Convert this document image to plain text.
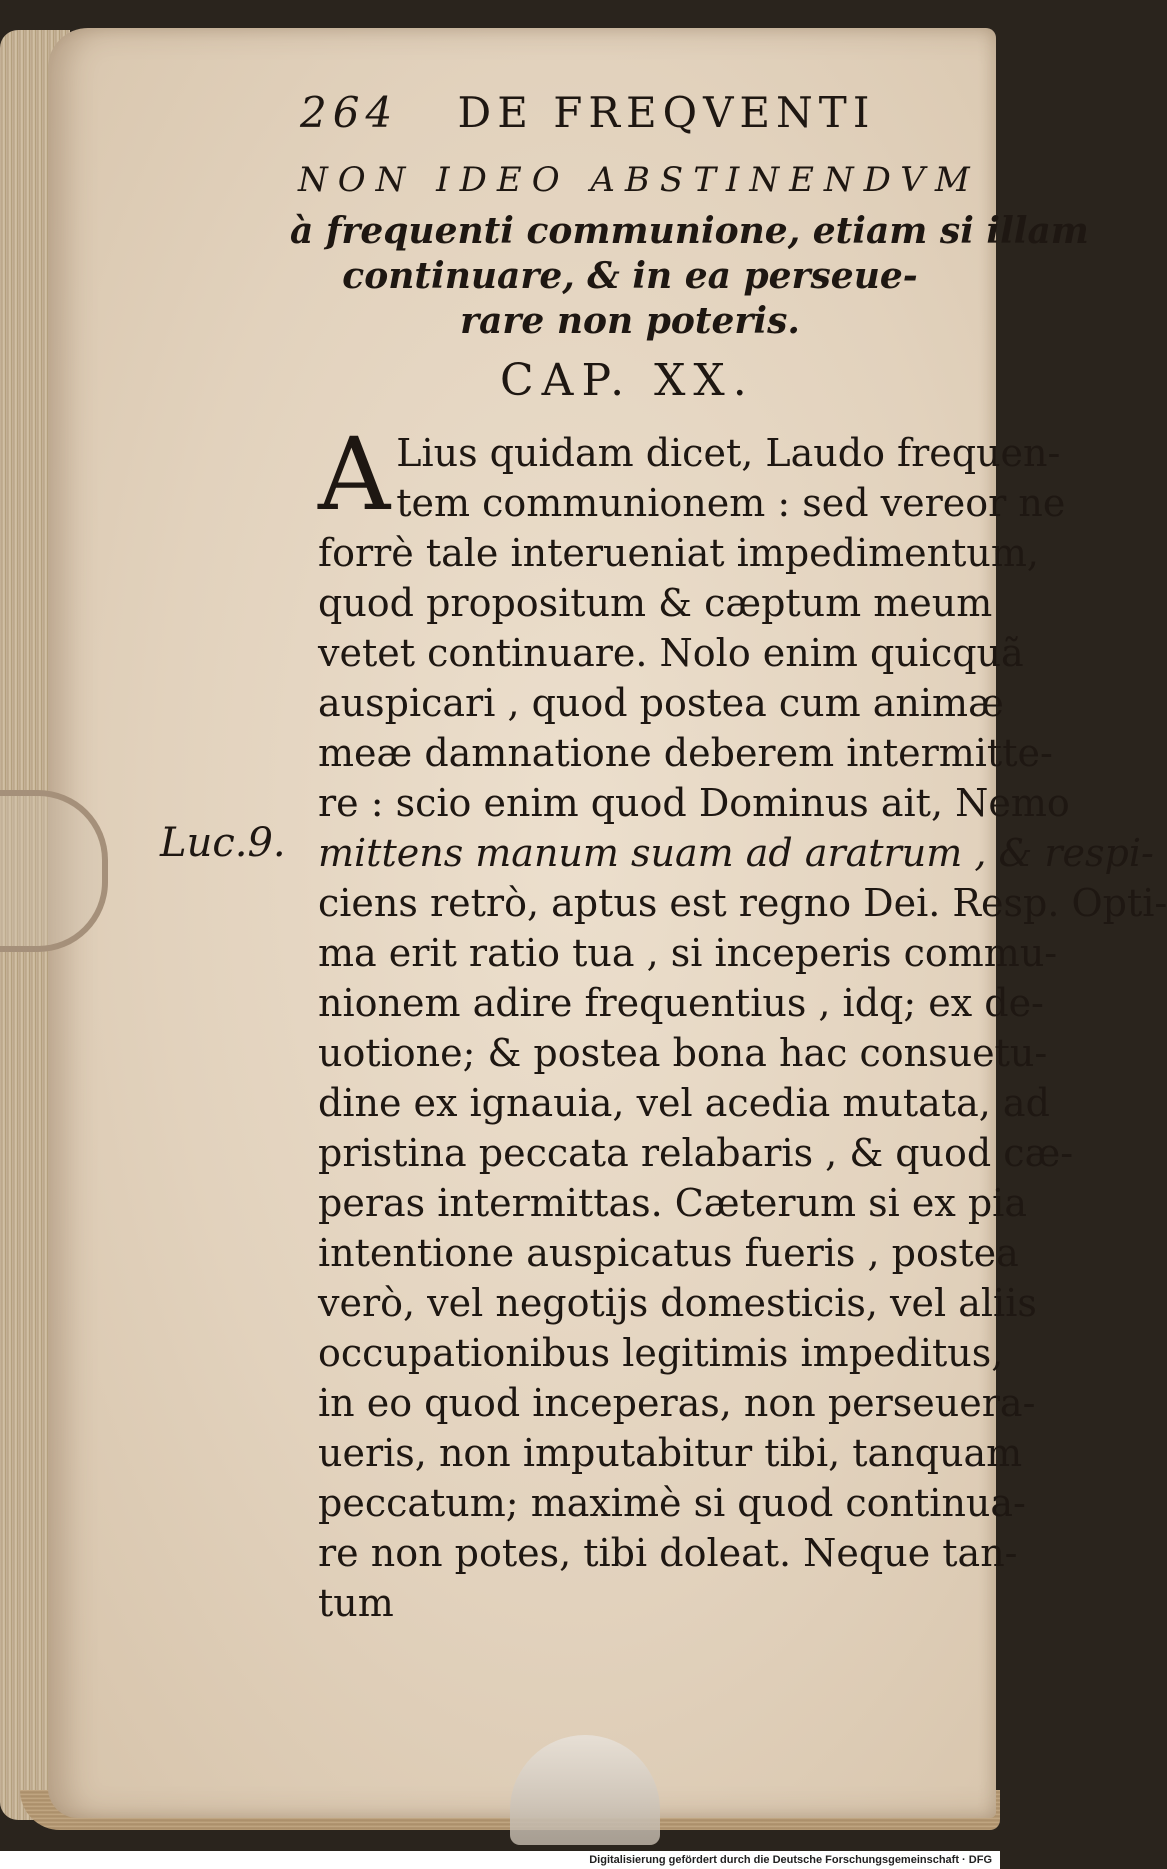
264 DE FREQVENTI
NON IDEO ABSTINENDVM
à frequenti communione, etiam si illam
continuare, & in ea perseue-
rare non poteris.
CAP. XX.
Luc.9.
A Lius quidam dicet, Laudo frequen-
tem communionem : sed vereor ne
forrè tale interueniat impedimentum,
quod propositum & cæptum meum
vetet continuare. Nolo enim quicquã
auspicari , quod postea cum animæ
meæ damnatione deberem intermitte-
re : scio enim quod Dominus ait, Nemo
mittens manum suam ad aratrum , & respi-
ciens retrò, aptus est regno Dei. Resp. Opti-
ma erit ratio tua , si inceperis commu-
nionem adire frequentius , idq; ex de-
uotione; & postea bona hac consuetu-
dine ex ignauia, vel acedia mutata, ad
pristina peccata relabaris , & quod cæ-
peras intermittas. Cæterum si ex pia
intentione auspicatus fueris , postea
verò, vel negotijs domesticis, vel aliis
occupationibus legitimis impeditus,
in eo quod inceperas, non perseuera-
ueris, non imputabitur tibi, tanquam
peccatum; maximè si quod continua-
re non potes, tibi doleat. Neque tan-
tum
Digitalisierung gefördert durch die Deutsche Forschungsgemeinschaft · DFG
